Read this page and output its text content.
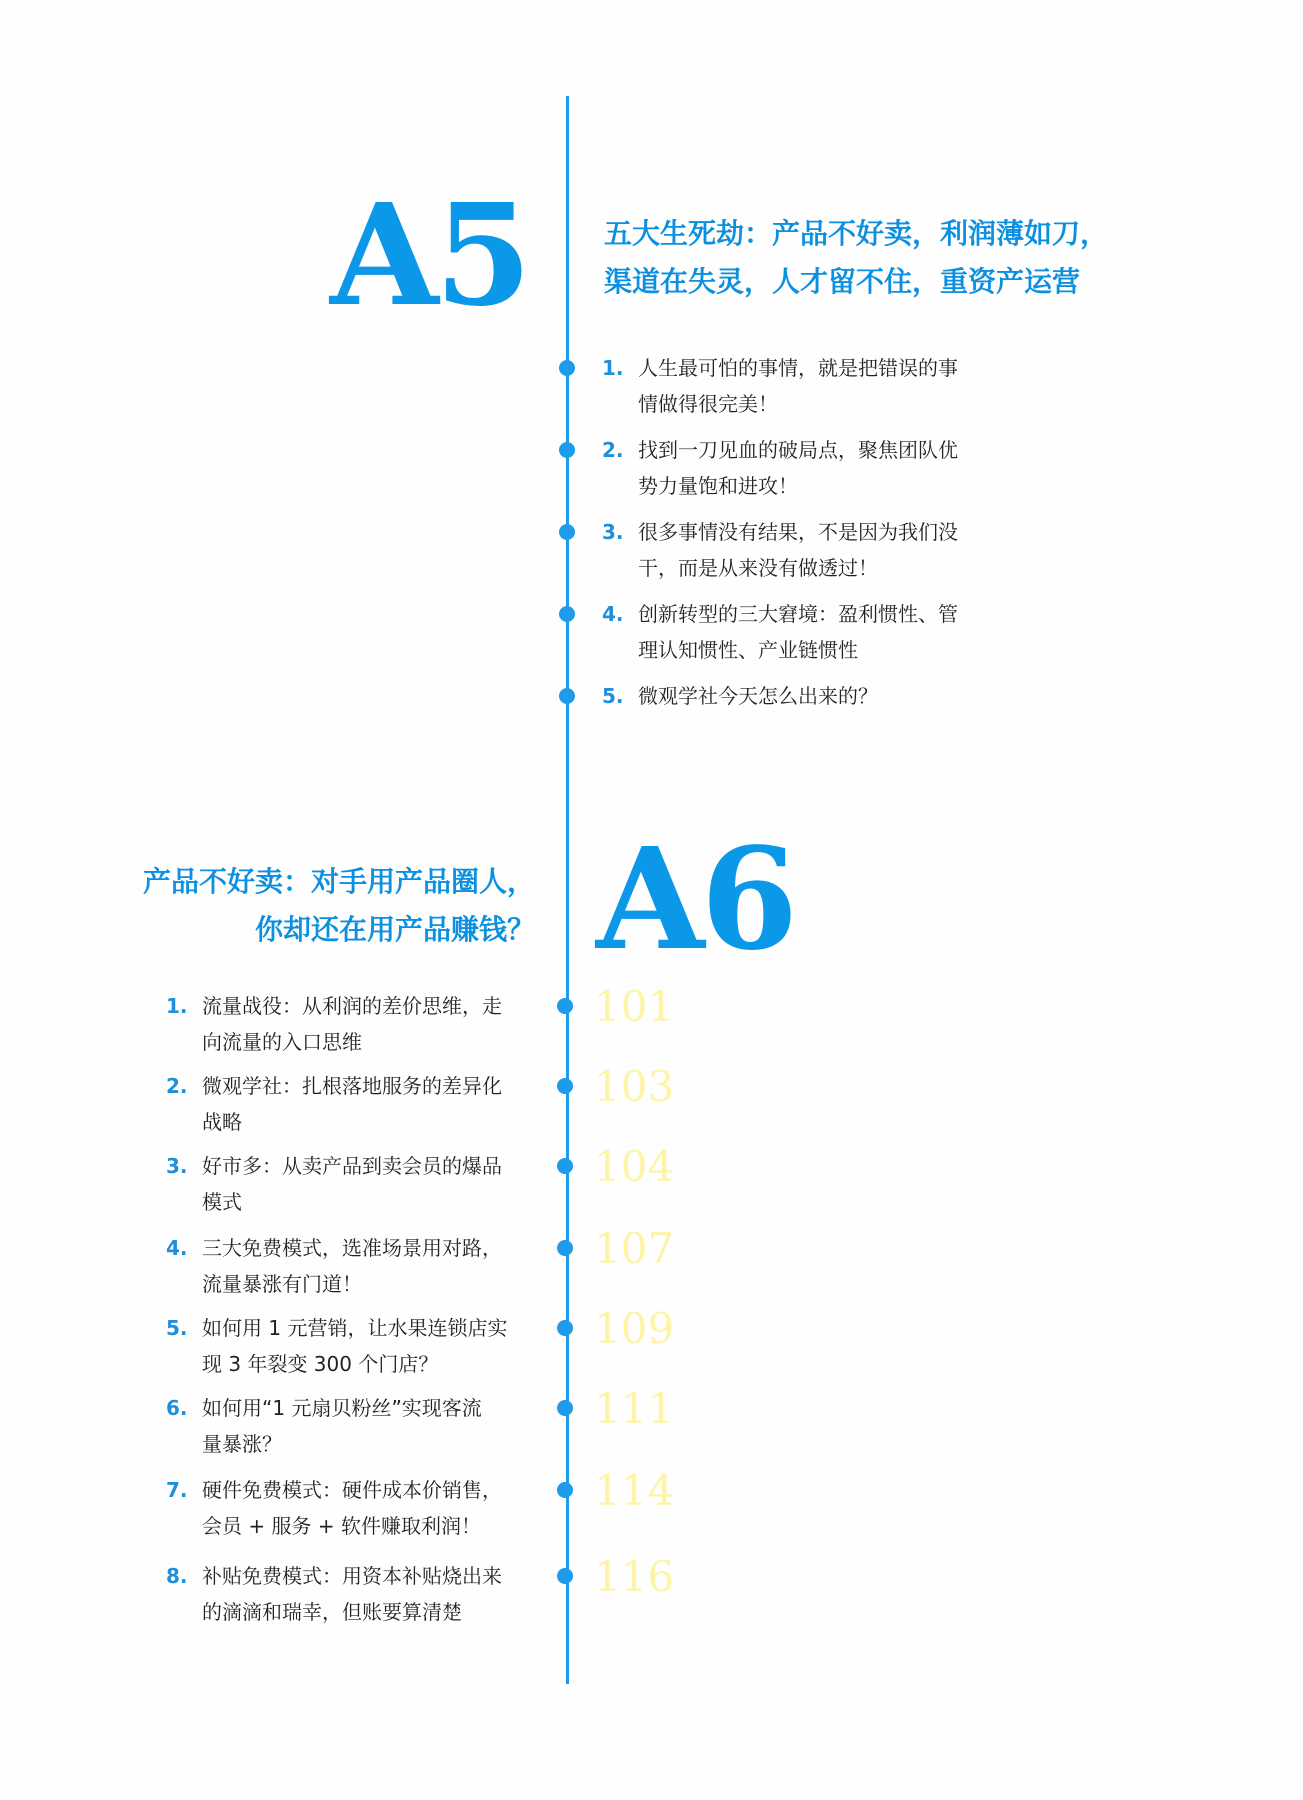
A5	五大生死劫：产品不好卖，利润薄如刀，
渠道在失灵，人才留不住，重资产运营
1. 人生最可怕的事情，就是把错误的事
情做得很完美！
2. 找到一刀见血的破局点，聚焦团队优
势力量饱和进攻！
3. 很多事情没有结果，不是因为我们没
干，而是从来没有做透过！
4. 创新转型的三大窘境：盈利惯性、管
理认知惯性、产业链惯性
5. 微观学社今天怎么出来的？
A6
产品不好卖：对手用产品圈人，
你却还在用产品赚钱？
1. 流量战役：从利润的差价思维，走
向流量的入口思维
101
2. 微观学社：扎根落地服务的差异化
战略
103
3. 好市多：从卖产品到卖会员的爆品
模式
104
4. 三大免费模式，选准场景用对路，
流量暴涨有门道！
107
5. 如何用 1 元营销，让水果连锁店实
现 3 年裂变 300 个门店？
109
6. 如何用“1 元扇贝粉丝”实现客流
量暴涨？
111
7. 硬件免费模式：硬件成本价销售，
会员 + 服务 + 软件赚取利润！
114
8. 补贴免费模式：用资本补贴烧出来
的滴滴和瑞幸，但账要算清楚
116
